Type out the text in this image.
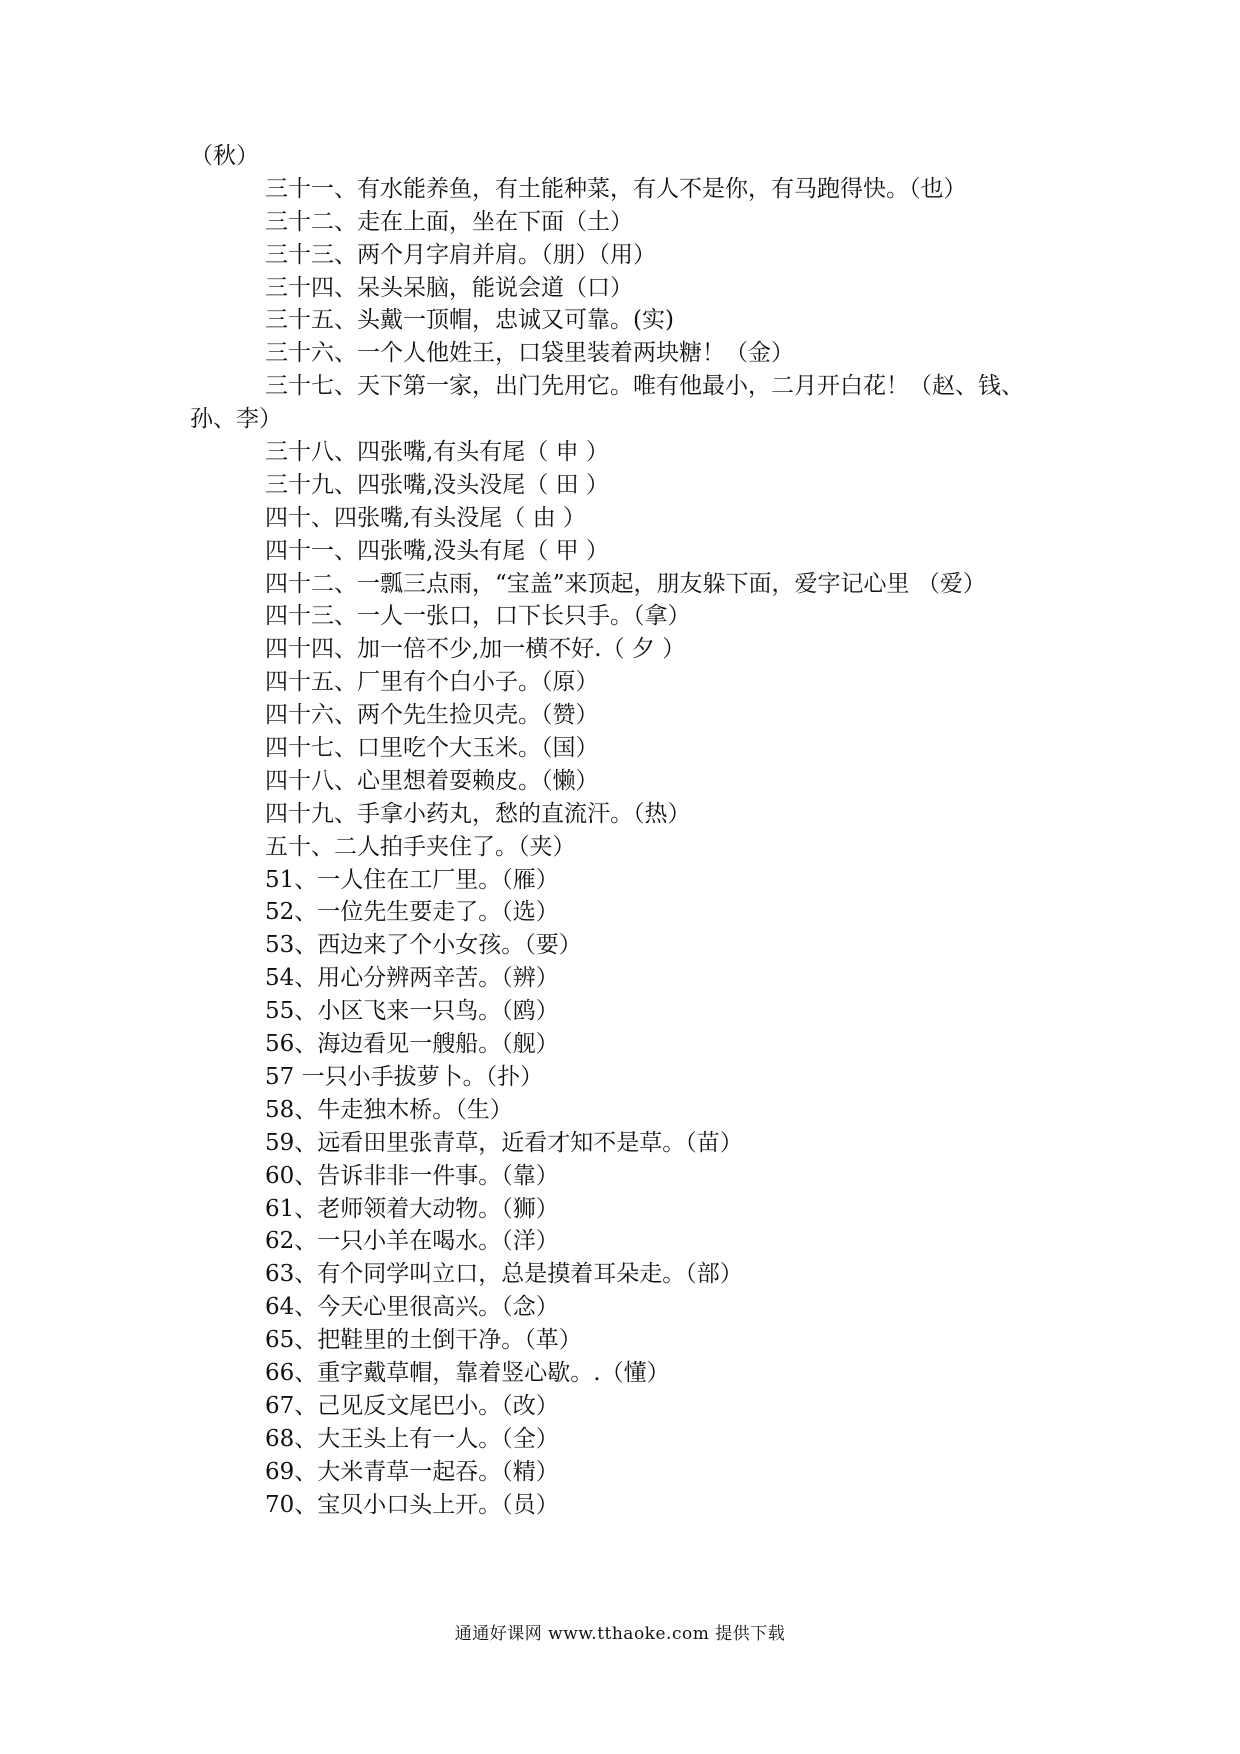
（秋）
三十一、有水能养鱼，有土能种菜，有人不是你，有马跑得快。（也）
三十二、走在上面，坐在下面（土）
三十三、两个月字肩并肩。（朋）（用）
三十四、呆头呆脑，能说会道（口）
三十五、头戴一顶帽，忠诚又可靠。(实)
三十六、一个人他姓王，口袋里装着两块糖！（金）
三十七、天下第一家，出门先用它。唯有他最小，二月开白花！（赵、钱、
孙、李）
三十八、四张嘴,有头有尾（ 申 ）
三十九、四张嘴,没头没尾（ 田 ）
四十、四张嘴,有头没尾（ 由 ）
四十一、四张嘴,没头有尾（ 甲 ）
四十二、一瓢三点雨，“宝盖”来顶起，朋友躲下面，爱字记心里 （爱）
四十三、一人一张口，口下长只手。（拿）
四十四、加一倍不少,加一横不好.（ 夕 ）
四十五、厂里有个白小子。（原）
四十六、两个先生捡贝壳。（赞）
四十七、口里吃个大玉米。（国）
四十八、心里想着耍赖皮。（懒）
四十九、手拿小药丸，愁的直流汗。（热）
五十、二人拍手夹住了。（夹）
51、一人住在工厂里。（雁）
52、一位先生要走了。（选）
53、西边来了个小女孩。（要）
54、用心分辨两辛苦。（辨）
55、小区飞来一只鸟。（鸥）
56、海边看见一艘船。（舰）
57 一只小手拔萝卜。（扑）
58、牛走独木桥。（生）
59、远看田里张青草，近看才知不是草。（苗）
60、告诉非非一件事。（靠）
61、老师领着大动物。（狮）
62、一只小羊在喝水。（洋）
63、有个同学叫立口，总是摸着耳朵走。（部）
64、今天心里很高兴。（念）
65、把鞋里的土倒干净。（革）
66、重字戴草帽，靠着竖心歇。.（懂）
67、己见反文尾巴小。（改）
68、大王头上有一人。（全）
69、大米青草一起吞。（精）
70、宝贝小口头上开。（员）
通通好课网 www.tthaoke.com 提供下载
